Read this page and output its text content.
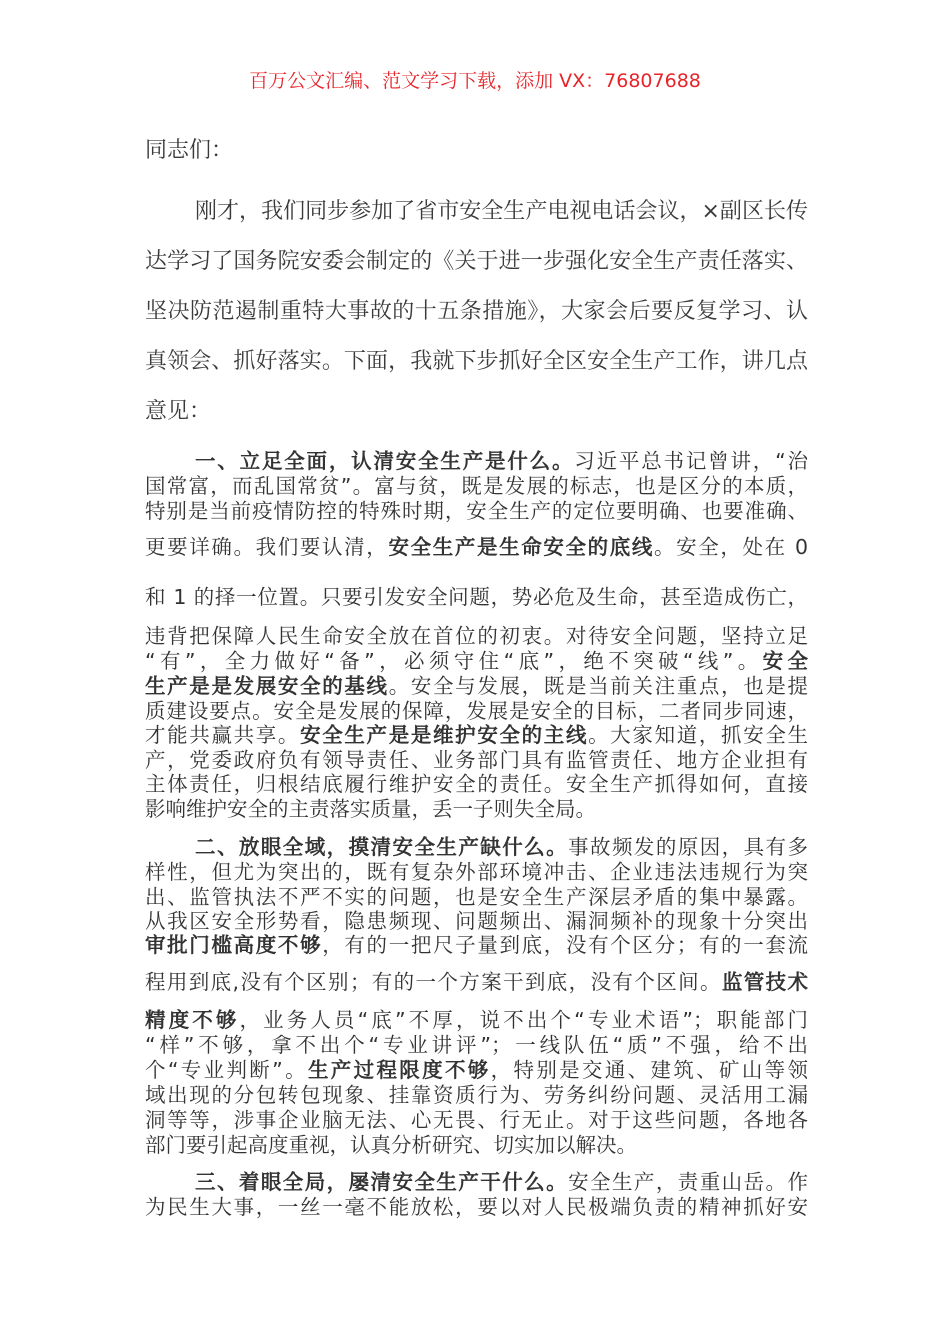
百万公文汇编、范文学习下载，添加 VX：76807688
同志们：
刚才，我们同步参加了省市安全生产电视电话会议，×副区长传
达学习了国务院安委会制定的《关于进一步强化安全生产责任落实、
坚决防范遏制重特大事故的十五条措施》，大家会后要反复学习、认
真领会、抓好落实。下面，我就下步抓好全区安全生产工作，讲几点
意见：
一、立足全面，认清安全生产是什么。习近平总书记曾讲，“治
国常富，而乱国常贫”。富与贫，既是发展的标志，也是区分的本质，
特别是当前疫情防控的特殊时期，安全生产的定位要明确、也要准确、
更要详确。我们要认清，安全生产是生命安全的底线。安全，处在 0
和 1 的择一位置。只要引发安全问题，势必危及生命，甚至造成伤亡，
违背把保障人民生命安全放在首位的初衷。对待安全问题，坚持立足
“有”，全力做好“备”，必须守住“底”，绝不突破“线”。安全
生产是是发展安全的基线。安全与发展，既是当前关注重点，也是提
质建设要点。安全是发展的保障，发展是安全的目标，二者同步同速，
才能共赢共享。安全生产是是维护安全的主线。大家知道，抓安全生
产，党委政府负有领导责任、业务部门具有监管责任、地方企业担有
主体责任，归根结底履行维护安全的责任。安全生产抓得如何，直接
影响维护安全的主责落实质量，丢一子则失全局。
二、放眼全域，摸清安全生产缺什么。事故频发的原因，具有多
样性，但尤为突出的，既有复杂外部环境冲击、企业违法违规行为突
出、监管执法不严不实的问题，也是安全生产深层矛盾的集中暴露。
从我区安全形势看，隐患频现、问题频出、漏洞频补的现象十分突出
审批门槛高度不够，有的一把尺子量到底，没有个区分；有的一套流
程用到底,没有个区别；有的一个方案干到底，没有个区间。监管技术
精度不够，业务人员“底”不厚，说不出个“专业术语”；职能部门
“样”不够，拿不出个“专业讲评”；一线队伍“质”不强，给不出
个“专业判断”。生产过程限度不够，特别是交通、建筑、矿山等领
域出现的分包转包现象、挂靠资质行为、劳务纠纷问题、灵活用工漏
洞等等，涉事企业脑无法、心无畏、行无止。对于这些问题，各地各
部门要引起高度重视，认真分析研究、切实加以解决。
三、着眼全局，屡清安全生产干什么。安全生产，责重山岳。作
为民生大事，一丝一毫不能放松，要以对人民极端负责的精神抓好安
